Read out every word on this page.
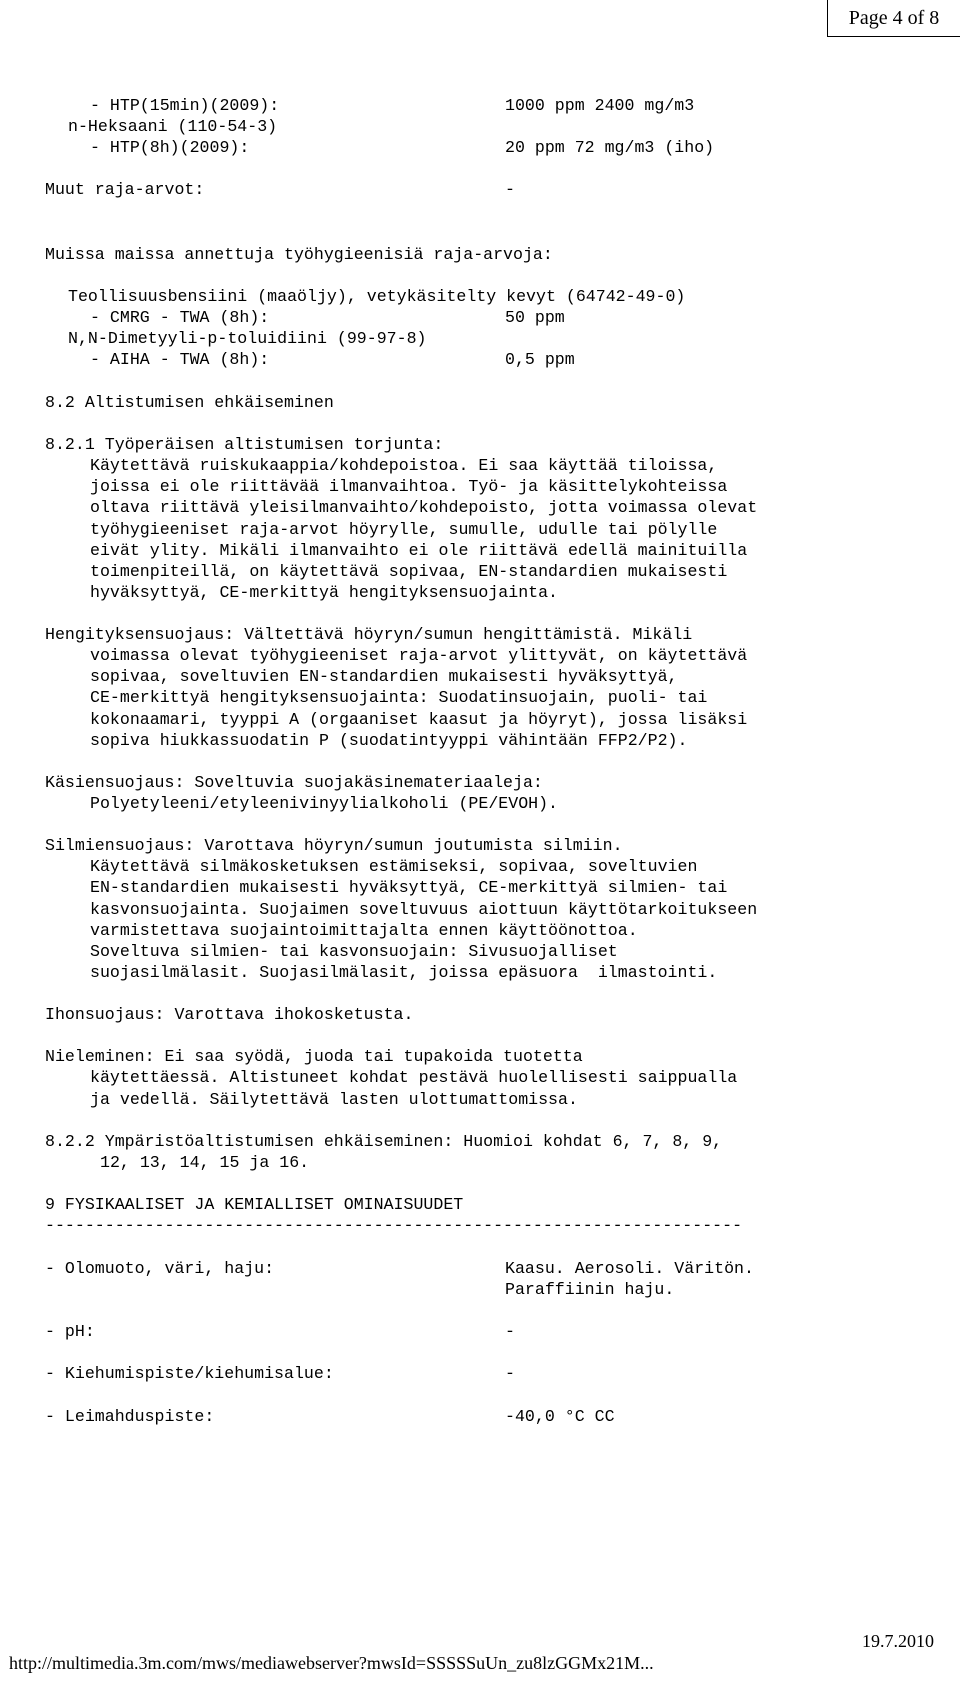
Page 4 of 8
- HTP(15min)(2009):	1000 ppm 2400 mg/m3
n-Heksaani (110-54-3)
- HTP(8h)(2009):	20 ppm 72 mg/m3 (iho)
Muut raja-arvot:	-
Muissa maissa annettuja työhygieenisiä raja-arvoja:
Teollisuusbensiini (maaöljy), vetykäsitelty kevyt (64742-49-0)
- CMRG - TWA (8h):	50 ppm
N,N-Dimetyyli-p-toluidiini (99-97-8)
- AIHA - TWA (8h):	0,5 ppm
8.2 Altistumisen ehkäiseminen
8.2.1 Työperäisen altistumisen torjunta:
Käytettävä ruiskukaappia/kohdepoistoa. Ei saa käyttää tiloissa,
joissa ei ole riittävää ilmanvaihtoa. Työ- ja käsittelykohteissa
oltava riittävä yleisilmanvaihto/kohdepoisto, jotta voimassa olevat
työhygieeniset raja-arvot höyrylle, sumulle, udulle tai pölylle
eivät ylity. Mikäli ilmanvaihto ei ole riittävä edellä mainituilla
toimenpiteillä, on käytettävä sopivaa, EN-standardien mukaisesti
hyväksyttyä, CE-merkittyä hengityksensuojainta.
Hengityksensuojaus: Vältettävä höyryn/sumun hengittämistä. Mikäli
voimassa olevat työhygieeniset raja-arvot ylittyvät, on käytettävä
sopivaa, soveltuvien EN-standardien mukaisesti hyväksyttyä,
CE-merkittyä hengityksensuojainta: Suodatinsuojain, puoli- tai
kokonaamari, tyyppi A (orgaaniset kaasut ja höyryt), jossa lisäksi
sopiva hiukkassuodatin P (suodatintyyppi vähintään FFP2/P2).
Käsiensuojaus: Soveltuvia suojakäsinemateriaaleja:
Polyetyleeni/etyleenivinyylialkoholi (PE/EVOH).
Silmiensuojaus: Varottava höyryn/sumun joutumista silmiin.
Käytettävä silmäkosketuksen estämiseksi, sopivaa, soveltuvien
EN-standardien mukaisesti hyväksyttyä, CE-merkittyä silmien- tai
kasvonsuojainta. Suojaimen soveltuvuus aiottuun käyttötarkoitukseen
varmistettava suojaintoimittajalta ennen käyttöönottoa.
Soveltuva silmien- tai kasvonsuojain: Sivusuojalliset
suojasilmälasit. Suojasilmälasit, joissa epäsuora  ilmastointi.
Ihonsuojaus: Varottava ihokosketusta.
Nieleminen: Ei saa syödä, juoda tai tupakoida tuotetta
käytettäessä. Altistuneet kohdat pestävä huolellisesti saippualla
ja vedellä. Säilytettävä lasten ulottumattomissa.
8.2.2 Ympäristöaltistumisen ehkäiseminen: Huomioi kohdat 6, 7, 8, 9,
12, 13, 14, 15 ja 16.
9 FYSIKAALISET JA KEMIALLISET OMINAISUUDET
----------------------------------------------------------------------
- Olomuoto, väri, haju:	Kaasu. Aerosoli. Väritön.
Paraffiinin haju.
- pH:	-
- Kiehumispiste/kiehumisalue:	-
- Leimahduspiste:	-40,0 °C CC

http://multimedia.3m.com/mws/mediawebserver?mwsId=SSSSSuUn_zu8lzGGMx21M...

19.7.2010
